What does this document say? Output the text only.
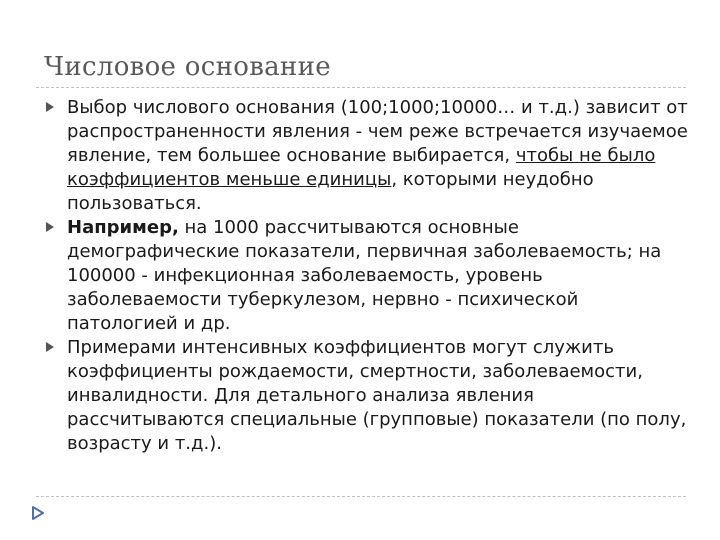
Числовое основание
Выбор числового основания (100;1000;10000… и т.д.) зависит от распространенности явления - чем реже встречается изучаемое явление, тем большее основание выбирается, чтобы не было коэффициентов меньше единицы, которыми неудобно пользоваться.
Например, на 1000 рассчитываются основные демографические показатели, первичная заболеваемость; на 100000 - инфекционная заболеваемость, уровень заболеваемости туберкулезом, нервно - психической патологией и др.
Примерами интенсивных коэффициентов могут служить коэффициенты рождаемости, смертности, заболеваемости, инвалидности. Для детального анализа явления рассчитываются специальные (групповые) показатели (по полу, возрасту и т.д.).
